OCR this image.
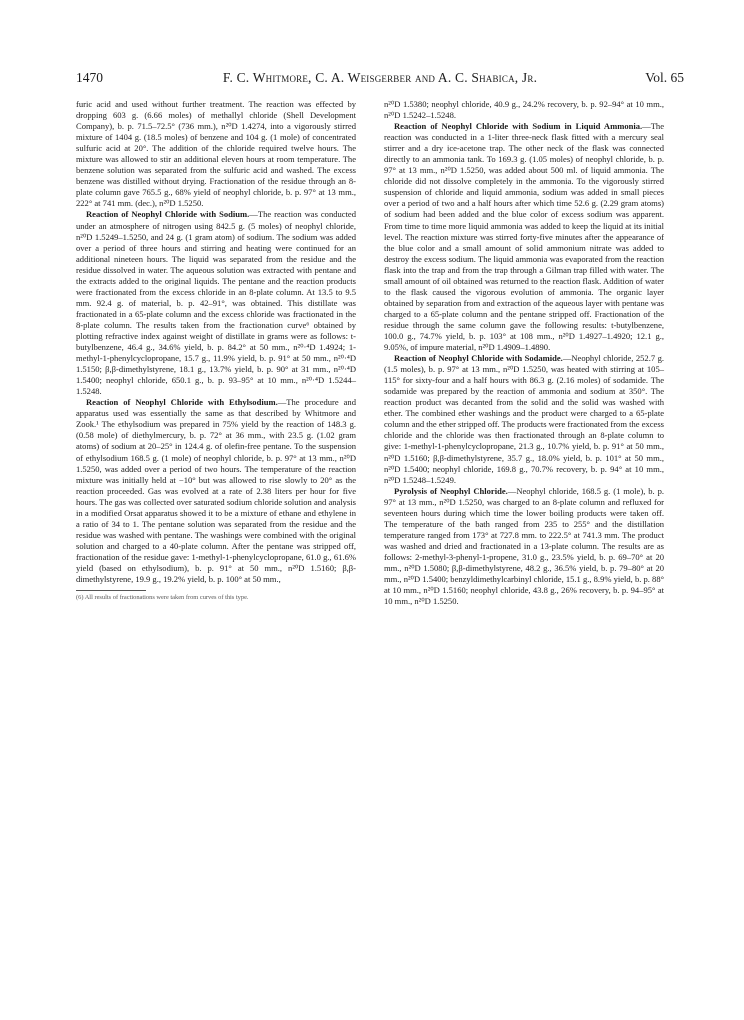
1470	F. C. Whitmore, C. A. Weisgerber and A. C. Shabica, Jr.	Vol. 65

furic acid and used without further treatment. The reaction was effected by dropping 603 g. (6.66 moles) of methallyl chloride (Shell Development Company), b. p. 71.5–72.5° (736 mm.), n²⁰D 1.4274, into a vigorously stirred mixture of 1404 g. (18.5 moles) of benzene and 104 g. (1 mole) of concentrated sulfuric acid at 20°. The addition of the chloride required twelve hours. The mixture was allowed to stir an additional eleven hours at room temperature. The benzene solution was separated from the sulfuric acid and washed. The excess benzene was distilled without drying. Fractionation of the residue through an 8-plate column gave 765.5 g., 68% yield of neophyl chloride, b. p. 97° at 13 mm., 222° at 741 mm. (dec.), n²⁰D 1.5250.

Reaction of Neophyl Chloride with Sodium.—The reaction was conducted under an atmosphere of nitrogen using 842.5 g. (5 moles) of neophyl chloride, n²⁰D 1.5249–1.5250, and 24 g. (1 gram atom) of sodium. The sodium was added over a period of three hours and stirring and heating were continued for an additional nineteen hours. The liquid was separated from the residue and the residue dissolved in water. The aqueous solution was extracted with pentane and the extracts added to the original liquids. The pentane and the reaction products were fractionated from the excess chloride in an 8-plate column. At 13.5 to 9.5 mm. 92.4 g. of material, b. p. 42–91°, was obtained. This distillate was fractionated in a 65-plate column and the excess chloride was fractionated in the 8-plate column. The results taken from the fractionation curve⁶ obtained by plotting refractive index against weight of distillate in grams were as follows: t-butylbenzene, 46.4 g., 34.6% yield, b. p. 84.2° at 50 mm., n²⁰·⁴D 1.4924; 1-methyl-1-phenylcyclopropane, 15.7 g., 11.9% yield, b. p. 91° at 50 mm., n²⁰·⁴D 1.5150; β,β-dimethylstyrene, 18.1 g., 13.7% yield, b. p. 90° at 31 mm., n²⁰·⁴D 1.5400; neophyl chloride, 650.1 g., b. p. 93–95° at 10 mm., n²⁰·⁴D 1.5244–1.5248.

Reaction of Neophyl Chloride with Ethylsodium.—The procedure and apparatus used was essentially the same as that described by Whitmore and Zook.¹ The ethylsodium was prepared in 75% yield by the reaction of 148.3 g. (0.58 mole) of diethylmercury, b. p. 72° at 36 mm., with 23.5 g. (1.02 gram atoms) of sodium at 20–25° in 124.4 g. of olefin-free pentane. To the suspension of ethylsodium 168.5 g. (1 mole) of neophyl chloride, b. p. 97° at 13 mm., n²⁰D 1.5250, was added over a period of two hours. The temperature of the reaction mixture was initially held at −10° but was allowed to rise slowly to 20° as the reaction proceeded. Gas was evolved at a rate of 2.38 liters per hour for five hours. The gas was collected over saturated sodium chloride solution and analysis in a modified Orsat apparatus showed it to be a mixture of ethane and ethylene in a ratio of 34 to 1. The pentane solution was separated from the residue and the residue was washed with pentane. The washings were combined with the original solution and charged to a 40-plate column. After the pentane was stripped off, fractionation of the residue gave: 1-methyl-1-phenylcyclopropane, 61.0 g., 61.6% yield (based on ethylsodium), b. p. 91° at 50 mm., n²⁰D 1.5160; β,β-dimethylstyrene, 19.9 g., 19.2% yield, b. p. 100° at 50 mm.,

(6) All results of fractionations were taken from curves of this type.

n²⁰D 1.5380; neophyl chloride, 40.9 g., 24.2% recovery, b. p. 92–94° at 10 mm., n²⁰D 1.5242–1.5248.

Reaction of Neophyl Chloride with Sodium in Liquid Ammonia.—The reaction was conducted in a 1-liter three-neck flask fitted with a mercury seal stirrer and a dry ice-acetone trap. The other neck of the flask was connected directly to an ammonia tank. To 169.3 g. (1.05 moles) of neophyl chloride, b. p. 97° at 13 mm., n²⁰D 1.5250, was added about 500 ml. of liquid ammonia. The chloride did not dissolve completely in the ammonia. To the vigorously stirred suspension of chloride and liquid ammonia, sodium was added in small pieces over a period of two and a half hours after which time 52.6 g. (2.29 gram atoms) of sodium had been added and the blue color of excess sodium was apparent. From time to time more liquid ammonia was added to keep the liquid at its initial level. The reaction mixture was stirred forty-five minutes after the appearance of the blue color and a small amount of solid ammonium nitrate was added to destroy the excess sodium. The liquid ammonia was evaporated from the reaction flask into the trap and from the trap through a Gilman trap filled with water. The small amount of oil obtained was returned to the reaction flask. Addition of water to the flask caused the vigorous evolution of ammonia. The organic layer obtained by separation from and extraction of the aqueous layer with pentane was charged to a 65-plate column and the pentane stripped off. Fractionation of the residue through the same column gave the following results: t-butylbenzene, 100.0 g., 74.7% yield, b. p. 103° at 108 mm., n²⁰D 1.4927–1.4920; 12.1 g., 9.05%, of impure material, n²⁰D 1.4909–1.4890.

Reaction of Neophyl Chloride with Sodamide.—Neophyl chloride, 252.7 g. (1.5 moles), b. p. 97° at 13 mm., n²⁰D 1.5250, was heated with stirring at 105–115° for sixty-four and a half hours with 86.3 g. (2.16 moles) of sodamide. The sodamide was prepared by the reaction of ammonia and sodium at 350°. The reaction product was decanted from the solid and the solid was washed with ether. The combined ether washings and the product were charged to a 65-plate column and the ether stripped off. The products were fractionated from the excess chloride and the chloride was then fractionated through an 8-plate column to give: 1-methyl-1-phenylcyclopropane, 21.3 g., 10.7% yield, b. p. 91° at 50 mm., n²⁰D 1.5160; β,β-dimethylstyrene, 35.7 g., 18.0% yield, b. p. 101° at 50 mm., n²⁰D 1.5400; neophyl chloride, 169.8 g., 70.7% recovery, b. p. 94° at 10 mm., n²⁰D 1.5248–1.5249.

Pyrolysis of Neophyl Chloride.—Neophyl chloride, 168.5 g. (1 mole), b. p. 97° at 13 mm., n²⁰D 1.5250, was charged to an 8-plate column and refluxed for seventeen hours during which time the lower boiling products were taken off. The temperature of the bath ranged from 235 to 255° and the distillation temperature ranged from 173° at 727.8 mm. to 222.5° at 741.3 mm. The product was washed and dried and fractionated in a 13-plate column. The results are as follows: 2-methyl-3-phenyl-1-propene, 31.0 g., 23.5% yield, b. p. 69–70° at 20 mm., n²⁰D 1.5080; β,β-dimethylstyrene, 48.2 g., 36.5% yield, b. p. 79–80° at 20 mm., n²⁰D 1.5400; benzyldimethylcarbinyl chloride, 15.1 g., 8.9% yield, b. p. 88° at 10 mm., n²⁰D 1.5160; neophyl chloride, 43.8 g., 26% recovery, b. p. 94–95° at 10 mm., n²⁰D 1.5250.
